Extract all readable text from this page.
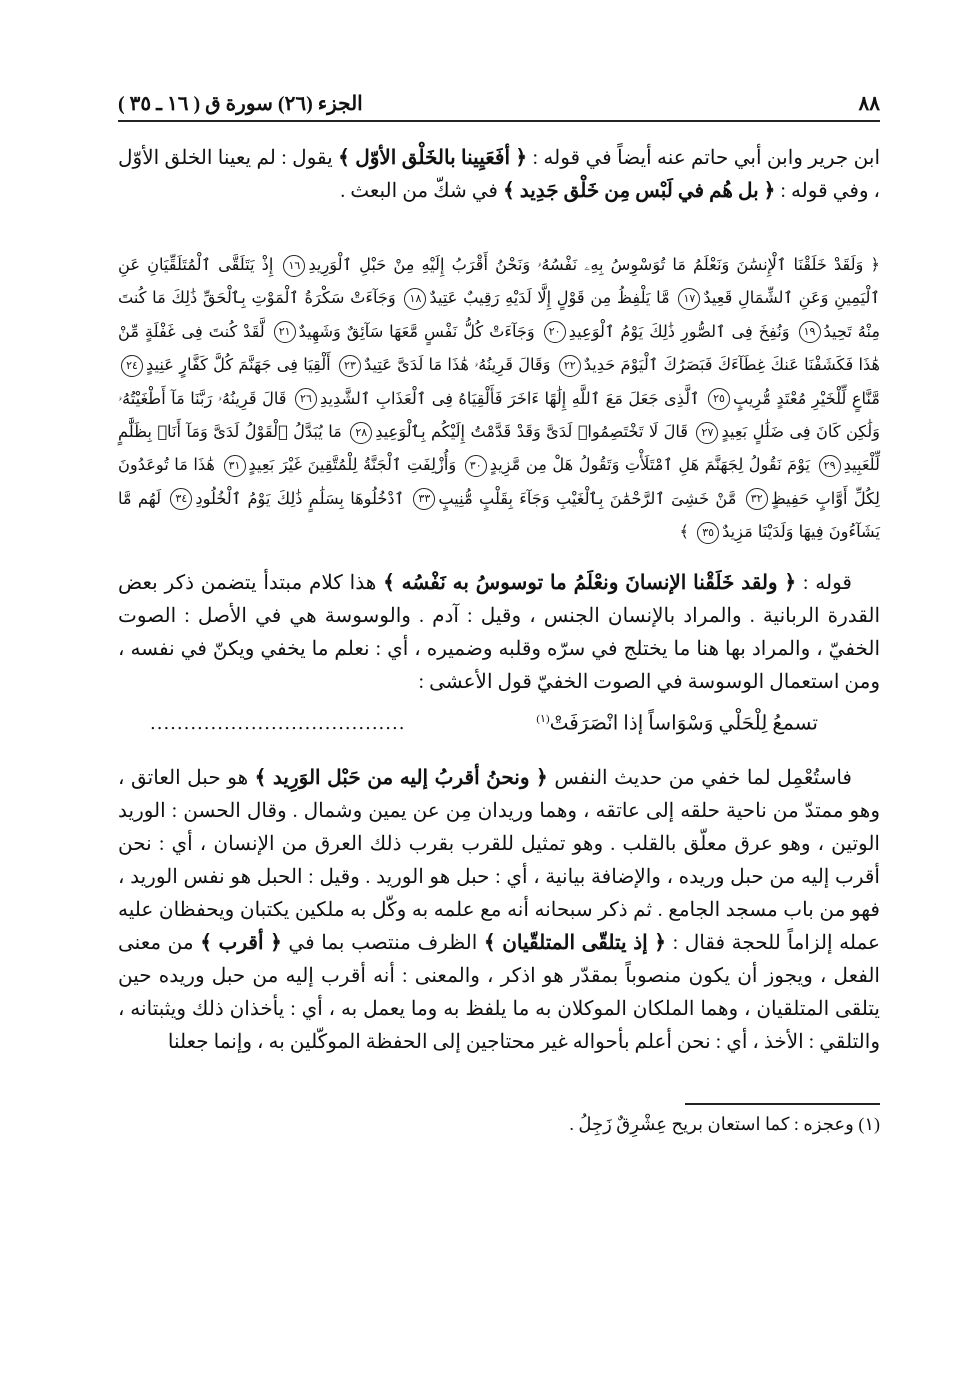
٨٨
الجزء (٢٦) سورة ق ( ١٦ ـ ٣٥ )
ابن جرير وابن أبي حاتم عنه أيضاً في قوله : ﴿ أفَعَيِينا بالخَلْق الأوّل ﴾ يقول : لم يعينا الخلق الأوّل ، وفي قوله : ﴿ بل هُم في لَبْس مِن خَلْق جَدِيد ﴾ في شكّ من البعث .
﴿ وَلَقَدْ خَلَقْنَا ٱلْإِنسَٰنَ وَنَعْلَمُ مَا تُوَسْوِسُ بِهِۦ نَفْسُهُۥ وَنَحْنُ أَقْرَبُ إِلَيْهِ مِنْ حَبْلِ ٱلْوَرِيدِ١٦ إِذْ يَتَلَقَّى ٱلْمُتَلَقِّيَانِ عَنِ ٱلْيَمِينِ وَعَنِ ٱلشِّمَالِ قَعِيدٌ١٧ مَّا يَلْفِظُ مِن قَوْلٍ إِلَّا لَدَيْهِ رَقِيبٌ عَتِيدٌ١٨ وَجَآءَتْ سَكْرَةُ ٱلْمَوْتِ بِٱلْحَقِّ ذَٰلِكَ مَا كُنتَ مِنْهُ تَحِيدُ١٩ وَنُفِخَ فِى ٱلصُّورِ ذَٰلِكَ يَوْمُ ٱلْوَعِيدِ٢٠ وَجَآءَتْ كُلُّ نَفْسٍ مَّعَهَا سَآئِقٌ وَشَهِيدٌ٢١ لَّقَدْ كُنتَ فِى غَفْلَةٍ مِّنْ هَٰذَا فَكَشَفْنَا عَنكَ غِطَآءَكَ فَبَصَرُكَ ٱلْيَوْمَ حَدِيدٌ٢٢ وَقَالَ قَرِينُهُۥ هَٰذَا مَا لَدَىَّ عَتِيدٌ٢٣ أَلْقِيَا فِى جَهَنَّمَ كُلَّ كَفَّارٍ عَنِيدٍ٢٤ مَّنَّاعٍ لِّلْخَيْرِ مُعْتَدٍ مُّرِيبٍ٢٥ ٱلَّذِى جَعَلَ مَعَ ٱللَّهِ إِلَٰهًا ءَاخَرَ فَأَلْقِيَاهُ فِى ٱلْعَذَابِ ٱلشَّدِيدِ٢٦ قَالَ قَرِينُهُۥ رَبَّنَا مَآ أَطْغَيْتُهُۥ وَلَٰكِن كَانَ فِى ضَلَٰلٍ بَعِيدٍ٢٧ قَالَ لَا تَخْتَصِمُوا۟ لَدَىَّ وَقَدْ قَدَّمْتُ إِلَيْكُم بِٱلْوَعِيدِ٢٨ مَا يُبَدَّلُ ٱلْقَوْلُ لَدَىَّ وَمَآ أَنَا۠ بِظَلَّٰمٍ لِّلْعَبِيدِ٢٩ يَوْمَ نَقُولُ لِجَهَنَّمَ هَلِ ٱمْتَلَأْتِ وَتَقُولُ هَلْ مِن مَّزِيدٍ٣٠ وَأُزْلِفَتِ ٱلْجَنَّةُ لِلْمُتَّقِينَ غَيْرَ بَعِيدٍ٣١ هَٰذَا مَا تُوعَدُونَ لِكُلِّ أَوَّابٍ حَفِيظٍ٣٢ مَّنْ خَشِىَ ٱلرَّحْمَٰنَ بِٱلْغَيْبِ وَجَآءَ بِقَلْبٍ مُّنِيبٍ٣٣ ٱدْخُلُوهَا بِسَلَٰمٍ ذَٰلِكَ يَوْمُ ٱلْخُلُودِ٣٤ لَهُم مَّا يَشَآءُونَ فِيهَا وَلَدَيْنَا مَزِيدٌ٣٥ ﴾
قوله : ﴿ ولقد خَلَقْنا الإنسانَ ونعْلَمُ ما توسوسُ به نَفْسُه ﴾ هذا كلام مبتدأ يتضمن ذكر بعض القدرة الربانية . والمراد بالإنسان الجنس ، وقيل : آدم . والوسوسة هي في الأصل : الصوت الخفيّ ، والمراد بها هنا ما يختلج في سرّه وقلبه وضميره ، أي : نعلم ما يخفي ويكنّ في نفسه ، ومن استعمال الوسوسة في الصوت الخفيّ قول الأعشى :
تسمعُ لِلْحَلْي وَسْوَاساً إذا انْصَرَفَتْ$^{(١)}$
......................................
فاستُعْمِل لما خفي من حديث النفس ﴿ ونحنُ أقربُ إليه من حَبْل الوَرِيد ﴾ هو حبل العاتق ، وهو ممتدّ من ناحية حلقه إلى عاتقه ، وهما وريدان مِن عن يمين وشمال . وقال الحسن : الوريد الوتين ، وهو عرق معلّق بالقلب . وهو تمثيل للقرب بقرب ذلك العرق من الإنسان ، أي : نحن أقرب إليه من حبل وريده ، والإضافة بيانية ، أي : حبل هو الوريد . وقيل : الحبل هو نفس الوريد ، فهو من باب مسجد الجامع . ثم ذكر سبحانه أنه مع علمه به وكّل به ملكين يكتبان ويحفظان عليه عمله إلزاماً للحجة فقال : ﴿ إذ يتلقّى المتلقّيان ﴾ الظرف منتصب بما في ﴿ أقرب ﴾ من معنى الفعل ، ويجوز أن يكون منصوباً بمقدّر هو اذكر ، والمعنى : أنه أقرب إليه من حبل وريده حين يتلقى المتلقيان ، وهما الملكان الموكلان به ما يلفظ به وما يعمل به ، أي : يأخذان ذلك ويثبتانه ، والتلقي : الأخذ ، أي : نحن أعلم بأحواله غير محتاجين إلى الحفظة الموكّلين به ، وإنما جعلنا
(١) وعجزه : كما استعان بريح عِشْرِقٌ زَجِلُ .
